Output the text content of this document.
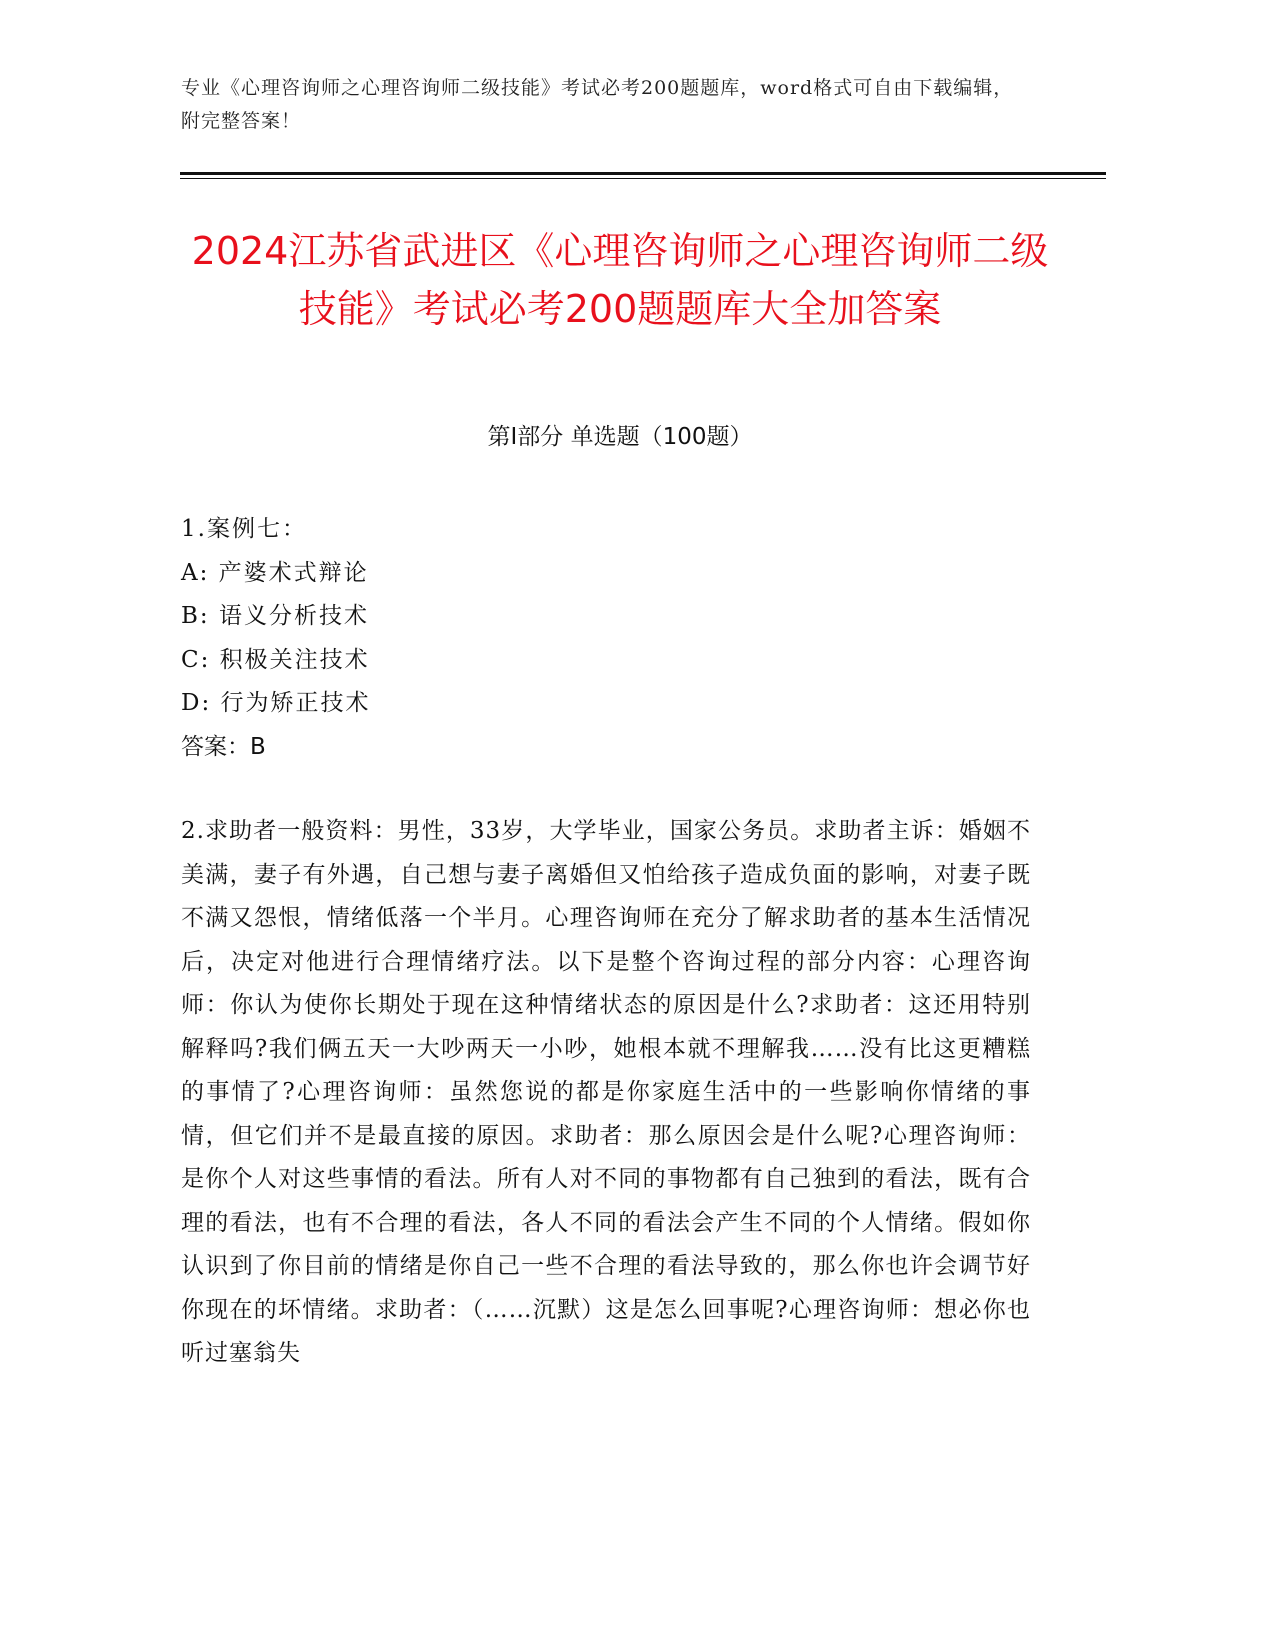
专业《心理咨询师之心理咨询师二级技能》考试必考200题题库，word格式可自由下载编辑，附完整答案！
2024江苏省武进区《心理咨询师之心理咨询师二级技能》考试必考200题题库大全加答案
第I部分 单选题（100题）
1.案例七：
A: 产婆术式辩论
B: 语义分析技术
C: 积极关注技术
D: 行为矫正技术
答案：B
2.求助者一般资料：男性，33岁，大学毕业，国家公务员。求助者主诉：婚姻不美满，妻子有外遇，自己想与妻子离婚但又怕给孩子造成负面的影响，对妻子既不满又怨恨，情绪低落一个半月。心理咨询师在充分了解求助者的基本生活情况后，决定对他进行合理情绪疗法。以下是整个咨询过程的部分内容：心理咨询师：你认为使你长期处于现在这种情绪状态的原因是什么?求助者：这还用特别解释吗?我们俩五天一大吵两天一小吵，她根本就不理解我……没有比这更糟糕的事情了?心理咨询师：虽然您说的都是你家庭生活中的一些影响你情绪的事情，但它们并不是最直接的原因。求助者：那么原因会是什么呢?心理咨询师：是你个人对这些事情的看法。所有人对不同的事物都有自己独到的看法，既有合理的看法，也有不合理的看法，各人不同的看法会产生不同的个人情绪。假如你认识到了你目前的情绪是你自己一些不合理的看法导致的，那么你也许会调节好你现在的坏情绪。求助者：（……沉默）这是怎么回事呢?心理咨询师：想必你也听过塞翁失
